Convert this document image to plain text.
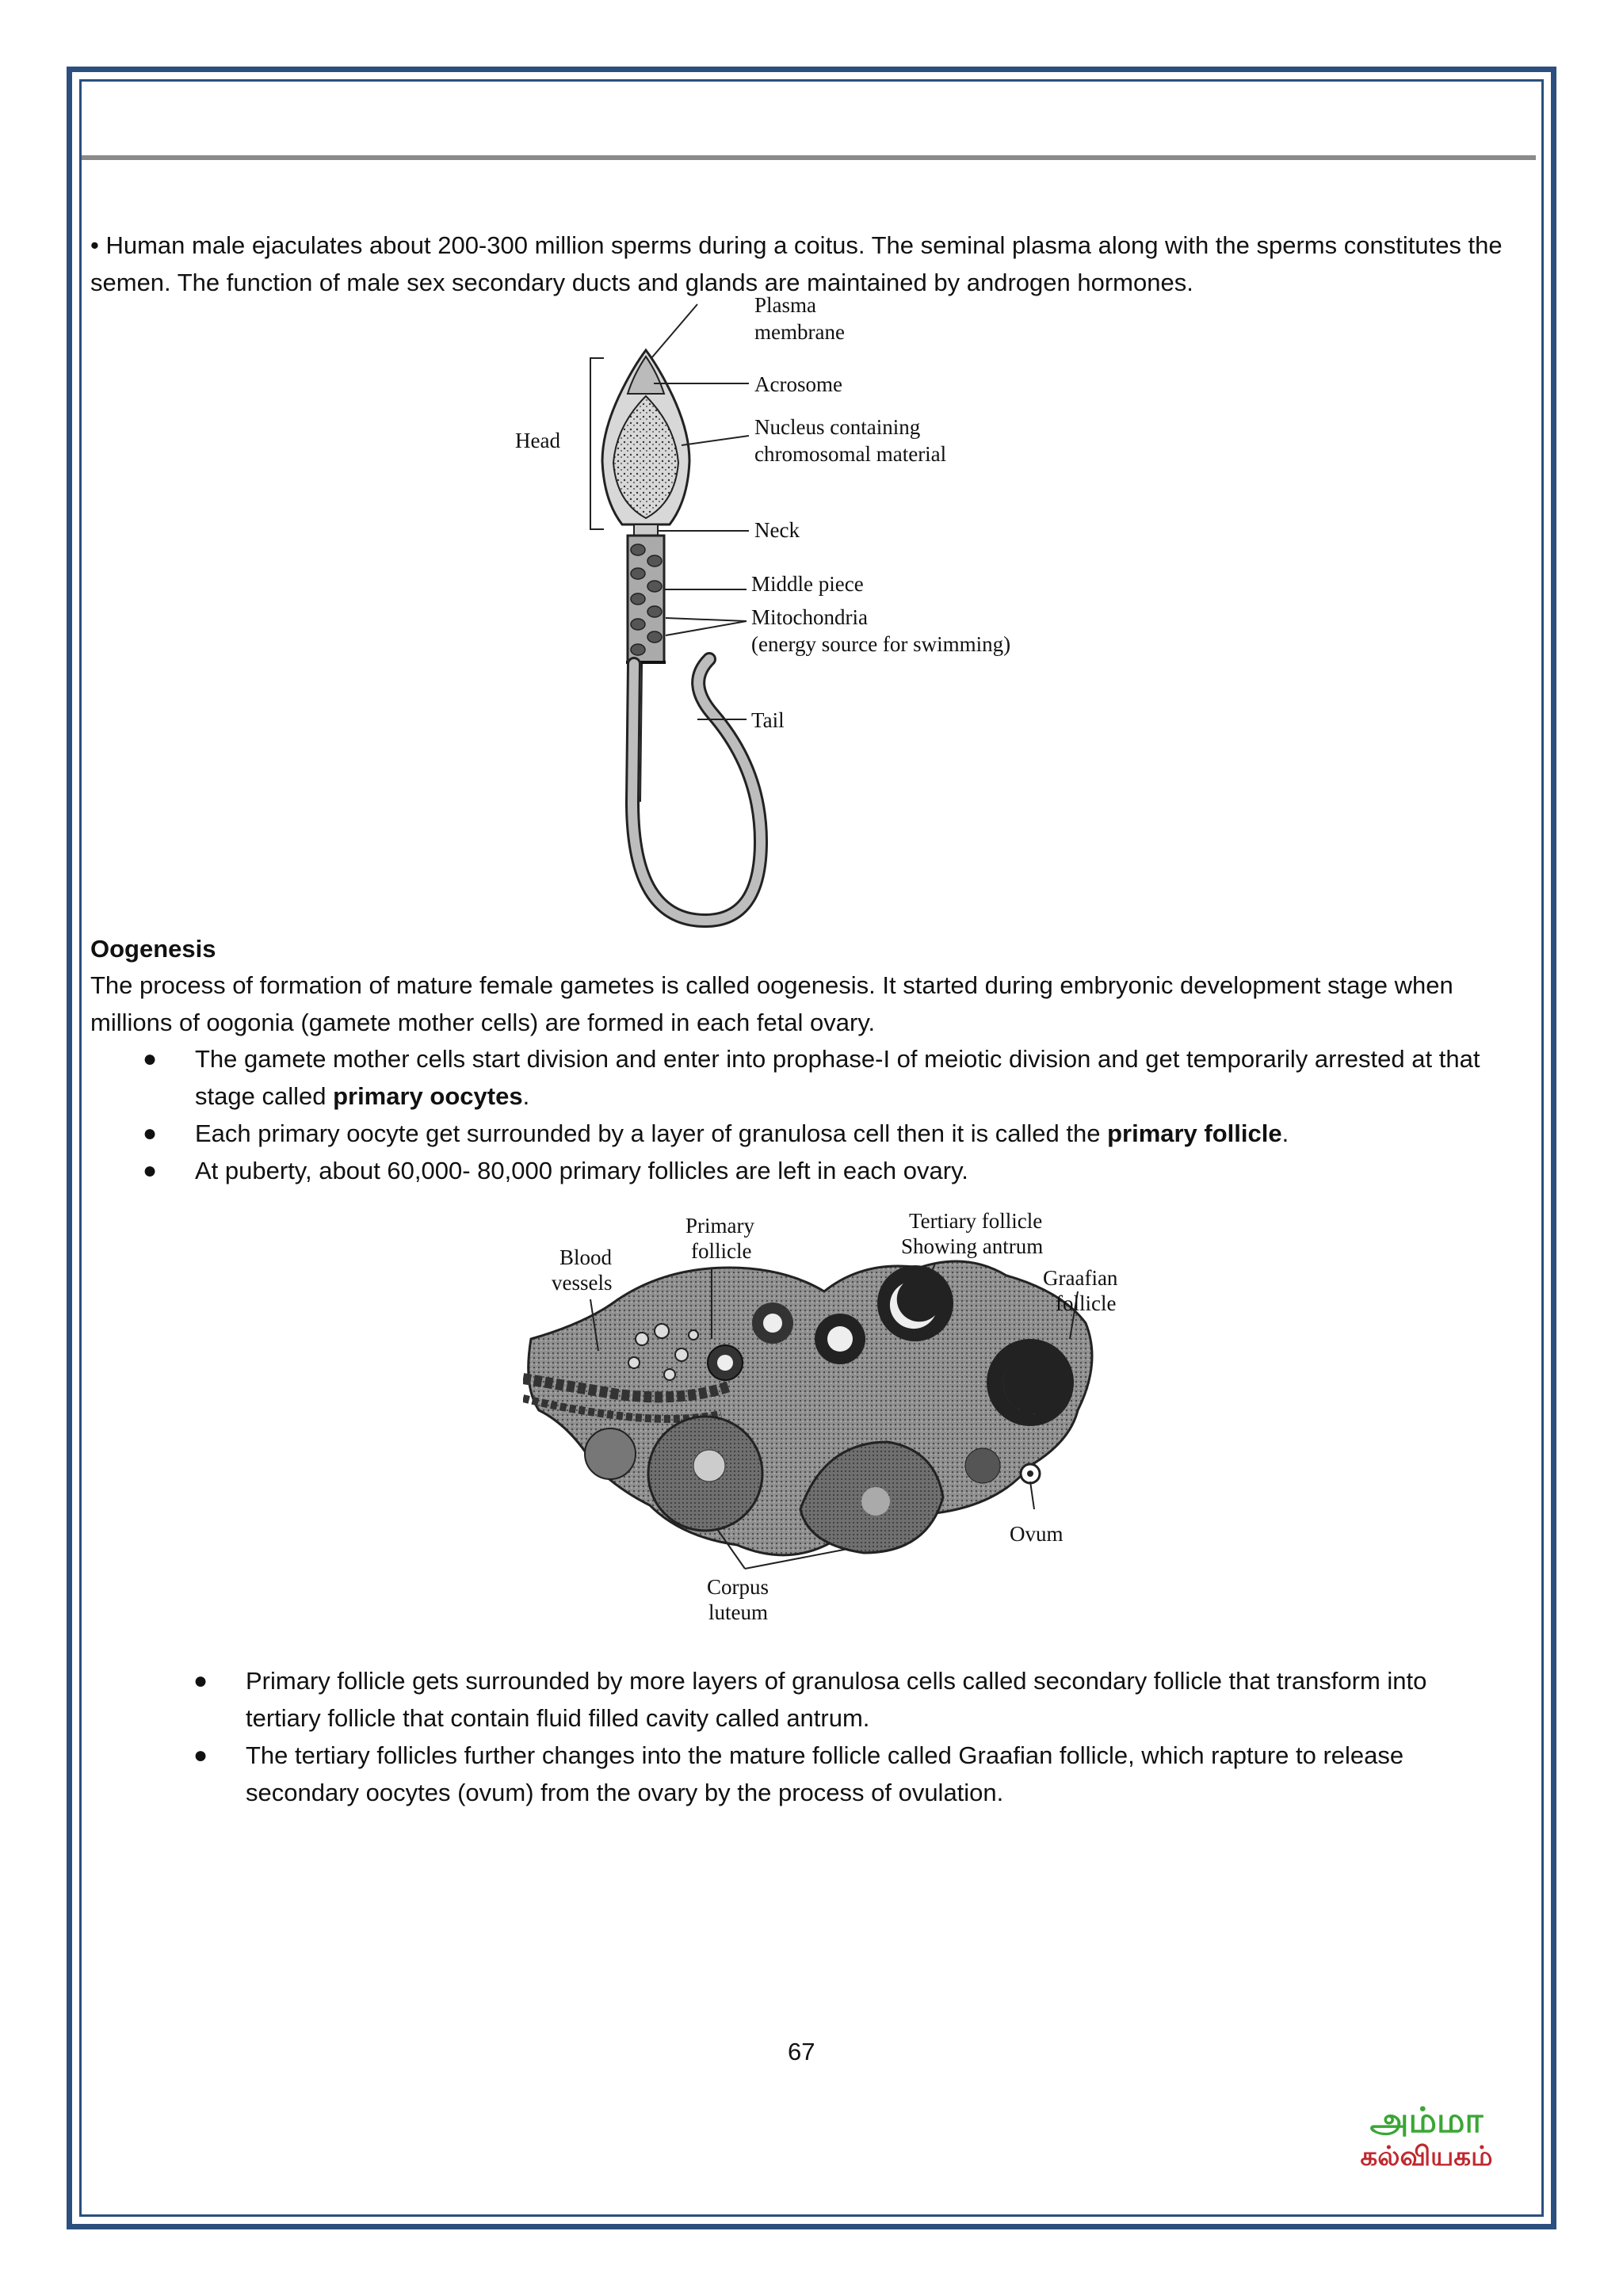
• Human male ejaculates about 200-300 million sperms during a coitus. The seminal plasma along with the sperms constitutes the semen. The function of male sex secondary ducts and glands are maintained by androgen hormones.

Head
Plasma
membrane
Acrosome
Nucleus containing
chromosomal material
Neck
Middle piece
Mitochondria
(energy source for swimming)
Tail

Oogenesis

The process of formation of mature female gametes is called oogenesis. It started during embryonic development stage when millions of oogonia (gamete mother cells) are formed in each fetal ovary.

● The gamete mother cells start division and enter into prophase-I of meiotic division and get temporarily arrested at that stage called primary oocytes.
● Each primary oocyte get surrounded by a layer of granulosa cell then it is called the primary follicle.
● At puberty, about 60,000- 80,000 primary follicles are left in each ovary.
Blood
vessels
Primary
follicle
Tertiary follicle
Showing antrum
Graafian
follicle
Ovum
Corpus
luteum
● Primary follicle gets surrounded by more layers of granulosa cells called secondary follicle that transform into tertiary follicle that contain fluid filled cavity called antrum.
● The tertiary follicles further changes into the mature follicle called Graafian follicle, which rapture to release secondary oocytes (ovum) from the ovary by the process of ovulation.
67
அம்மா
கல்வியகம்
